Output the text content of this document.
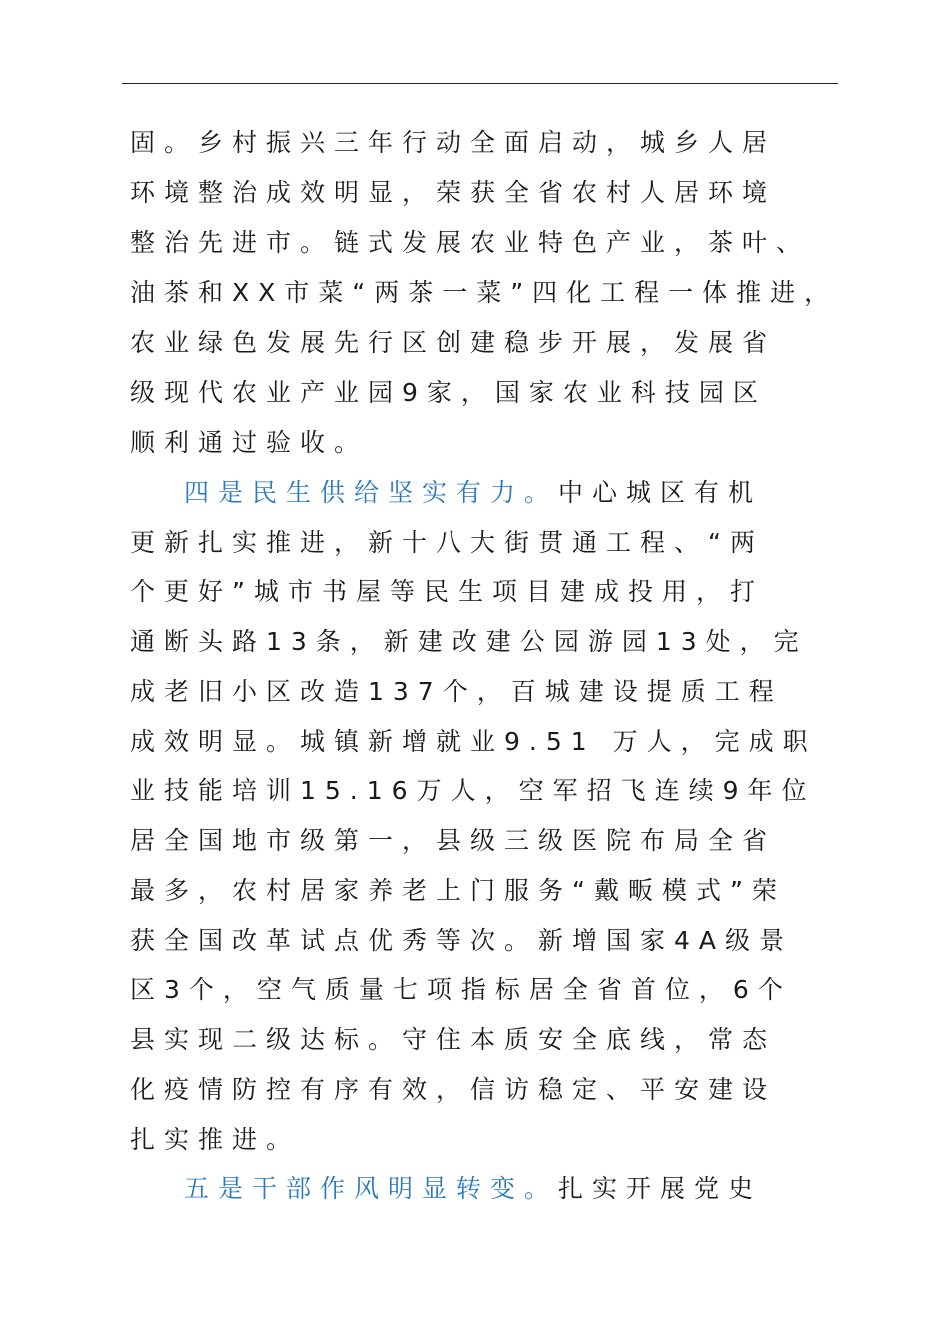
固。乡村振兴三年行动全面启动，城乡人居
环境整治成效明显，荣获全省农村人居环境
整治先进市。链式发展农业特色产业，茶叶、
油茶和XX市菜“两茶一菜”四化工程一体推进，
农业绿色发展先行区创建稳步开展，发展省
级现代农业产业园9家，国家农业科技园区
顺利通过验收。
四是民生供给坚实有力。中心城区有机
更新扎实推进，新十八大街贯通工程、“两
个更好”城市书屋等民生项目建成投用，打
通断头路13条，新建改建公园游园13处，完
成老旧小区改造137个，百城建设提质工程
成效明显。城镇新增就业9.51 万人，完成职
业技能培训15.16万人，空军招飞连续9年位
居全国地市级第一，县级三级医院布局全省
最多，农村居家养老上门服务“戴畈模式”荣
获全国改革试点优秀等次。新增国家4A级景
区3个，空气质量七项指标居全省首位，6个
县实现二级达标。守住本质安全底线，常态
化疫情防控有序有效，信访稳定、平安建设
扎实推进。
五是干部作风明显转变。扎实开展党史
